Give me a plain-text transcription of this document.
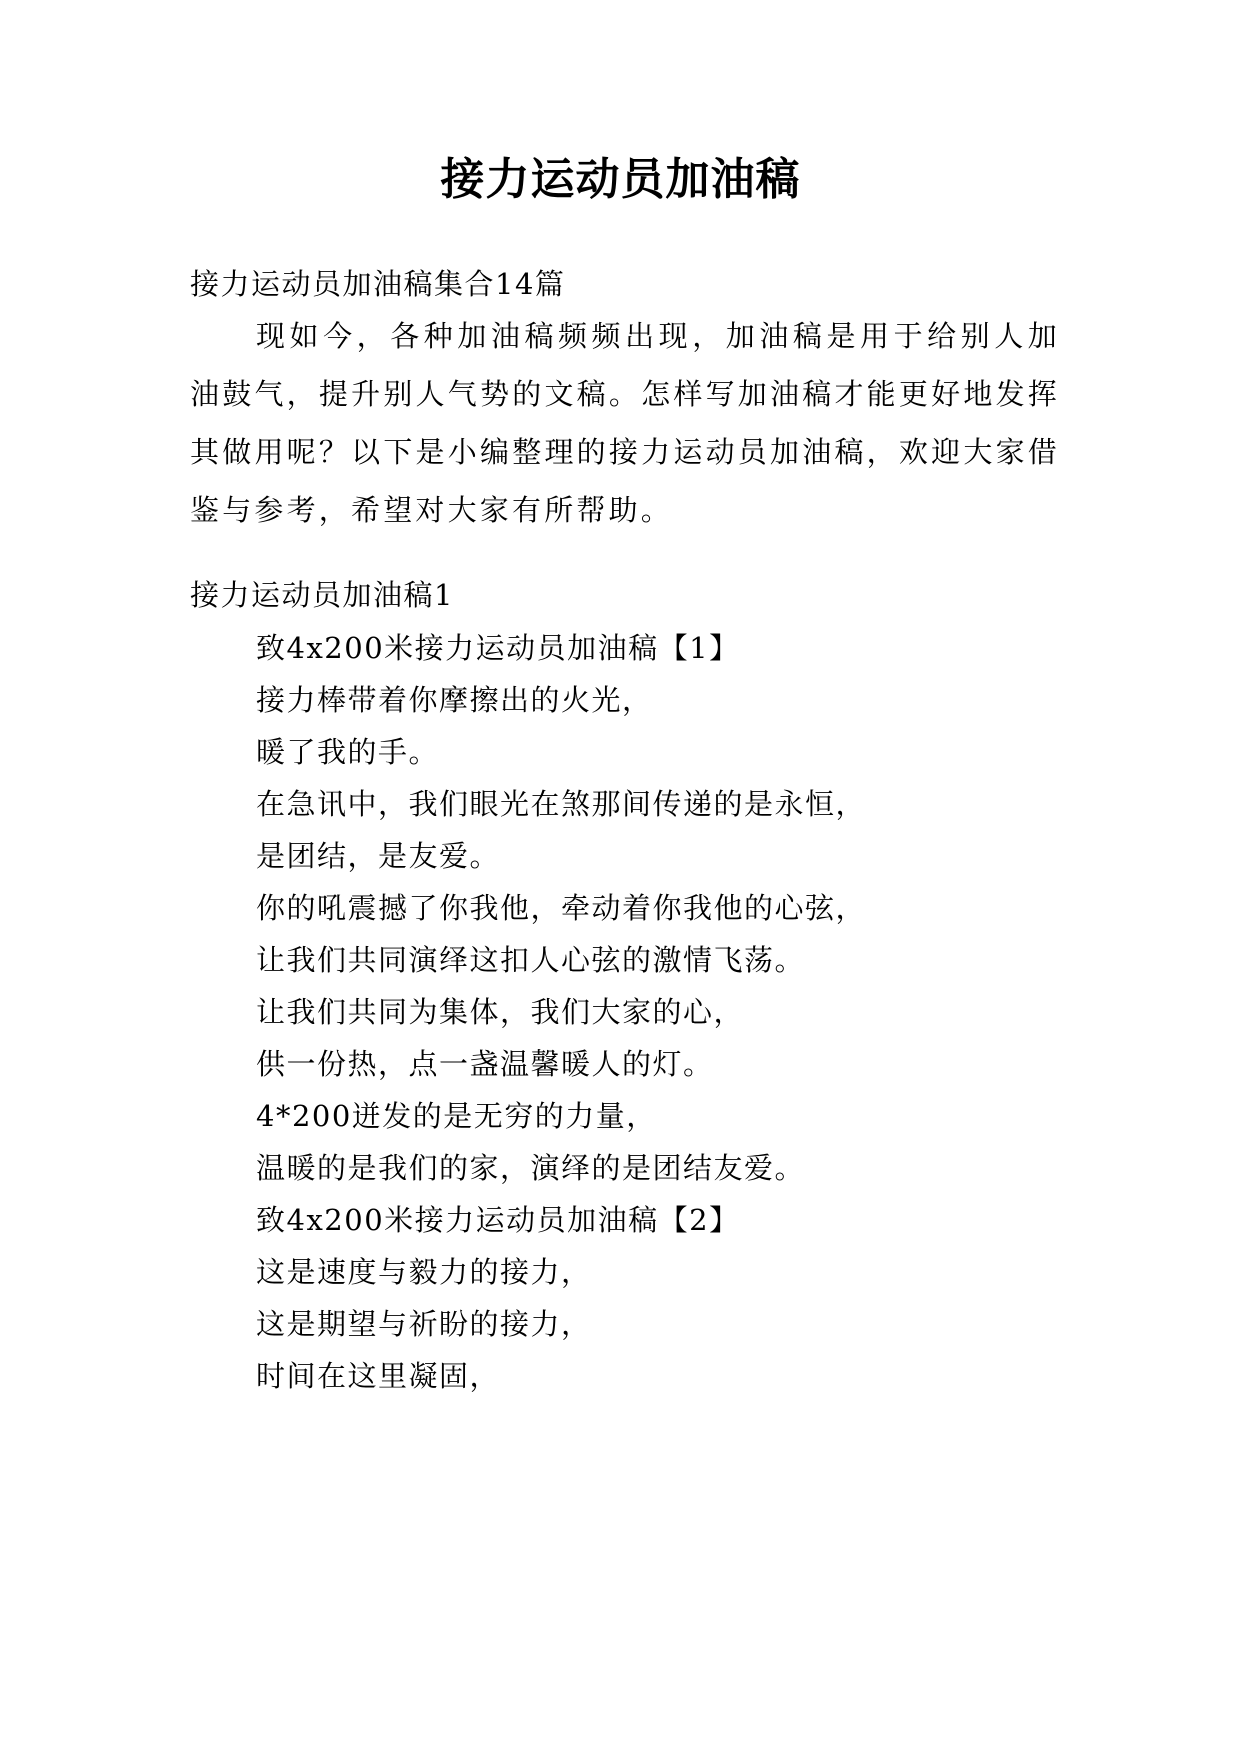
接力运动员加油稿

接力运动员加油稿集合14篇

现如今，各种加油稿频频出现，加油稿是用于给别人加油鼓气，提升别人气势的文稿。怎样写加油稿才能更好地发挥其做用呢？以下是小编整理的接力运动员加油稿，欢迎大家借鉴与参考，希望对大家有所帮助。

接力运动员加油稿1

致4x200米接力运动员加油稿【1】

接力棒带着你摩擦出的火光，

暖了我的手。

在急讯中，我们眼光在煞那间传递的是永恒，

是团结，是友爱。

你的吼震撼了你我他，牵动着你我他的心弦，

让我们共同演绎这扣人心弦的激情飞荡。

让我们共同为集体，我们大家的心，

供一份热，点一盏温馨暖人的灯。

4*200迸发的是无穷的力量，

温暖的是我们的家，演绎的是团结友爱。

致4x200米接力运动员加油稿【2】

这是速度与毅力的接力，

这是期望与祈盼的接力，

时间在这里凝固，
